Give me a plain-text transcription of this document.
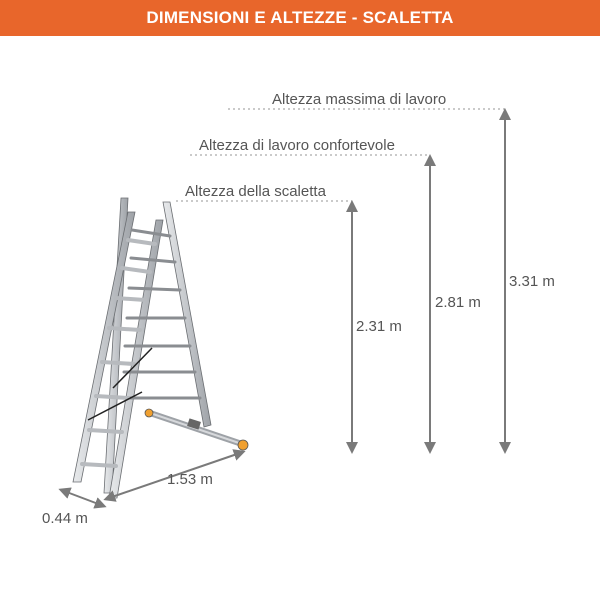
DIMENSIONI E ALTEZZE - SCALETTA
Altezza massima di lavoro
3.31 m
Altezza di lavoro confortevole
2.81 m
Altezza della scaletta
2.31 m
1.53 m
0.44 m
